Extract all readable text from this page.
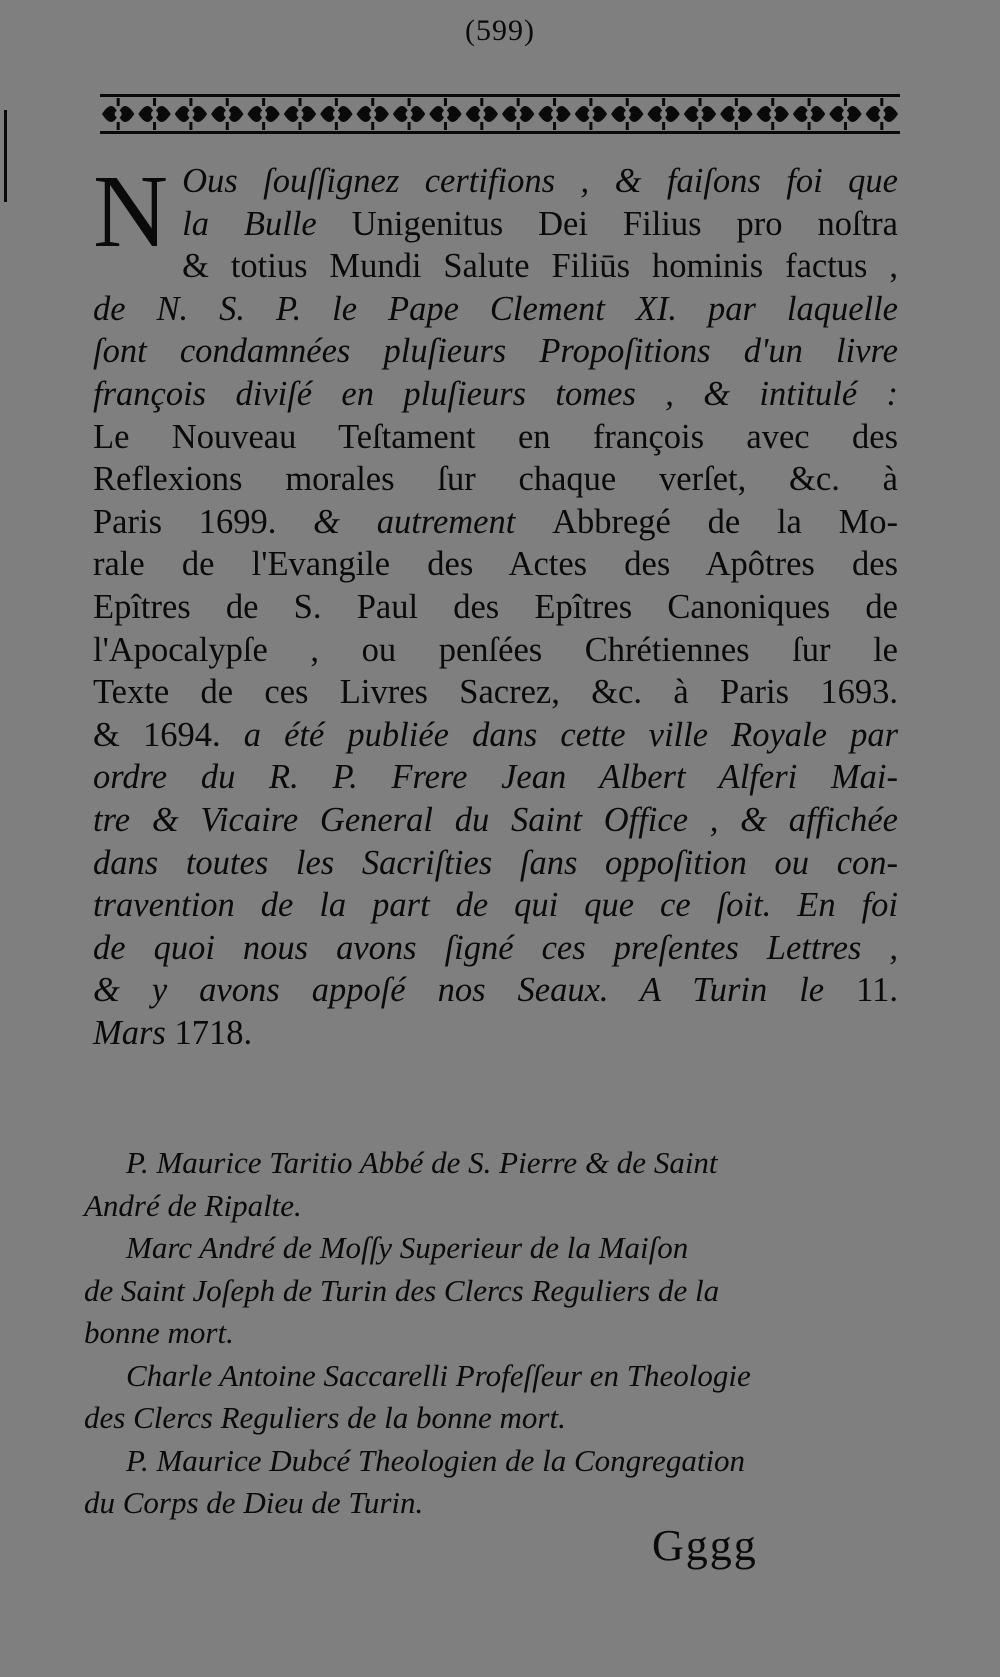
(599)
N Ous ſouſſignez certifions , & faiſons foi que
la Bulle Unigenitus Dei Filius pro noſtra
& totius Mundi Salute Filiūs hominis factus ,
de N. S. P. le Pape Clement XI. par laquelle
ſont condamnées pluſieurs Propoſitions d'un livre
françois diviſé en pluſieurs tomes , & intitulé :
Le Nouveau Teſtament en françois avec des
Reflexions morales ſur chaque verſet, &c. à
Paris 1699. & autrement Abbregé de la Mo-
rale de l'Evangile des Actes des Apôtres des
Epîtres de S. Paul des Epîtres Canoniques de
l'Apocalypſe , ou penſées Chrétiennes ſur le
Texte de ces Livres Sacrez, &c. à Paris 1693.
& 1694. a été publiée dans cette ville Royale par
ordre du R. P. Frere Jean Albert Alferi Mai-
tre & Vicaire General du Saint Office , & affichée
dans toutes les Sacriſties ſans oppoſition ou con-
travention de la part de qui que ce ſoit. En foi
de quoi nous avons ſigné ces preſentes Lettres ,
& y avons appoſé nos Seaux. A Turin le 11.
Mars 1718.
P. Maurice Taritio Abbé de S. Pierre & de Saint
André de Ripalte.
Marc André de Moſſy Superieur de la Maiſon
de Saint Joſeph de Turin des Clercs Reguliers de la
bonne mort.
Charle Antoine Saccarelli Profeſſeur en Theologie
des Clercs Reguliers de la bonne mort.
P. Maurice Dubcé Theologien de la Congregation
du Corps de Dieu de Turin.
Gggg
